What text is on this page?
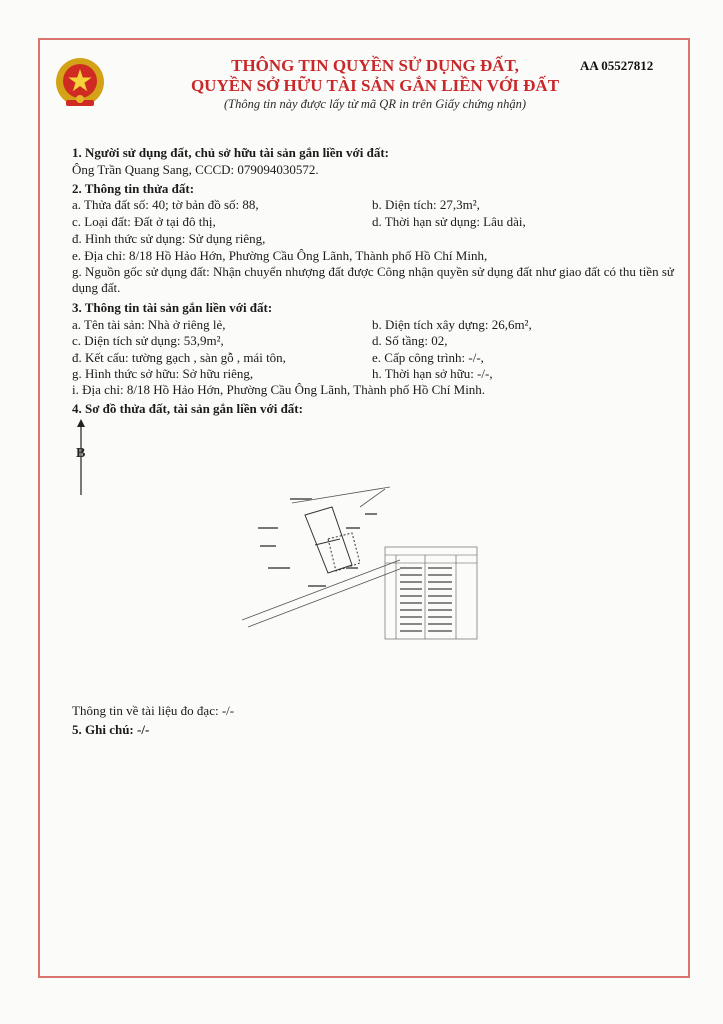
THÔNG TIN QUYỀN SỬ DỤNG ĐẤT,
QUYỀN SỞ HỮU TÀI SẢN GẮN LIỀN VỚI ĐẤT
(Thông tin này được lấy từ mã QR in trên Giấy chứng nhận)
AA 05527812
1. Người sử dụng đất, chủ sở hữu tài sản gắn liền với đất:
Ông Trần Quang Sang, CCCD: 079094030572.
2. Thông tin thửa đất:
a. Thửa đất số: 40; tờ bản đồ số: 88,	b. Diện tích: 27,3m²,
c. Loại đất: Đất ở tại đô thị,	d. Thời hạn sử dụng: Lâu dài,
đ. Hình thức sử dụng: Sử dụng riêng,
e. Địa chỉ: 8/18 Hồ Hảo Hớn, Phường Cầu Ông Lãnh, Thành phố Hồ Chí Minh,
g. Nguồn gốc sử dụng đất: Nhận chuyển nhượng đất được Công nhận quyền sử dụng đất như giao đất có thu tiền sử dụng đất.
3. Thông tin tài sản gắn liền với đất:
a. Tên tài sản: Nhà ở riêng lẻ,	b. Diện tích xây dựng: 26,6m²,
c. Diện tích sử dụng: 53,9m²,	d. Số tầng: 02,
đ. Kết cấu: tường gạch , sàn gỗ , mái tôn,	e. Cấp công trình: -/-,
g. Hình thức sở hữu: Sở hữu riêng,	h. Thời hạn sở hữu: -/-,
i. Địa chỉ: 8/18 Hồ Hảo Hớn, Phường Cầu Ông Lãnh, Thành phố Hồ Chí Minh.
4. Sơ đồ thửa đất, tài sản gắn liền với đất:
B
Thông tin về tài liệu đo đạc: -/-
5. Ghi chú: -/-
